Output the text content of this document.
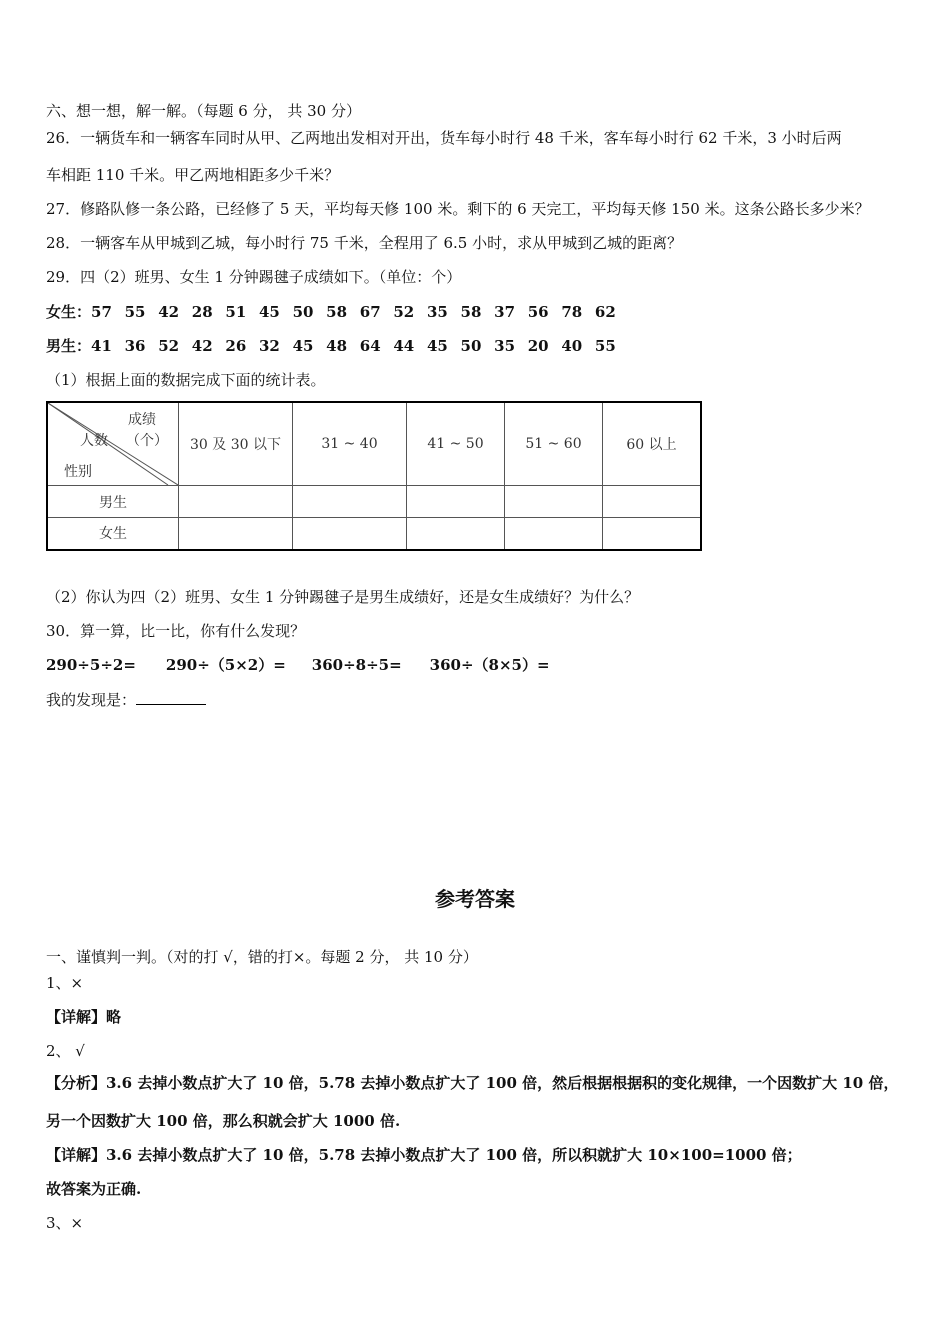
六、想一想，解一解。（每题 6 分， 共 30 分）
26．一辆货车和一辆客车同时从甲、乙两地出发相对开出，货车每小时行 48 千米，客车每小时行 62 千米，3 小时后两
车相距 110 千米。甲乙两地相距多少千米？
27．修路队修一条公路，已经修了 5 天，平均每天修 100 米。剩下的 6 天完工，平均每天修 150 米。这条公路长多少米？
28．一辆客车从甲城到乙城，每小时行 75 千米，全程用了 6.5 小时，求从甲城到乙城的距离？
29．四（2）班男、女生 1 分钟踢毽子成绩如下。（单位：个）
女生：57 55 42 28 51 45 50 58 67 52 35 58 37 56 78 62
男生：41 36 52 42 26 32 45 48 64 44 45 50 35 20 40 55
（1）根据上面的数据完成下面的统计表。
成绩
（个）
人数
性别	30 及 30 以下	31 ~ 40	41 ~ 50	51 ~ 60	60 以上
男生					
女生					
（2）你认为四（2）班男、女生 1 分钟踢毽子是男生成绩好，还是女生成绩好？为什么？
30．算一算，比一比，你有什么发现？
290÷5÷2= 290÷（5×2）= 360÷8÷5= 360÷（8×5）=
我的发现是：
参考答案
一、谨慎判一判。（对的打 √，错的打×。每题 2 分， 共 10 分）
1、×
【详解】略
2、 √
【分析】3.6 去掉小数点扩大了 10 倍，5.78 去掉小数点扩大了 100 倍，然后根据根据积的变化规律，一个因数扩大 10 倍，
另一个因数扩大 100 倍，那么积就会扩大 1000 倍.
【详解】3.6 去掉小数点扩大了 10 倍，5.78 去掉小数点扩大了 100 倍，所以积就扩大 10×100=1000 倍；
故答案为正确.
3、×
